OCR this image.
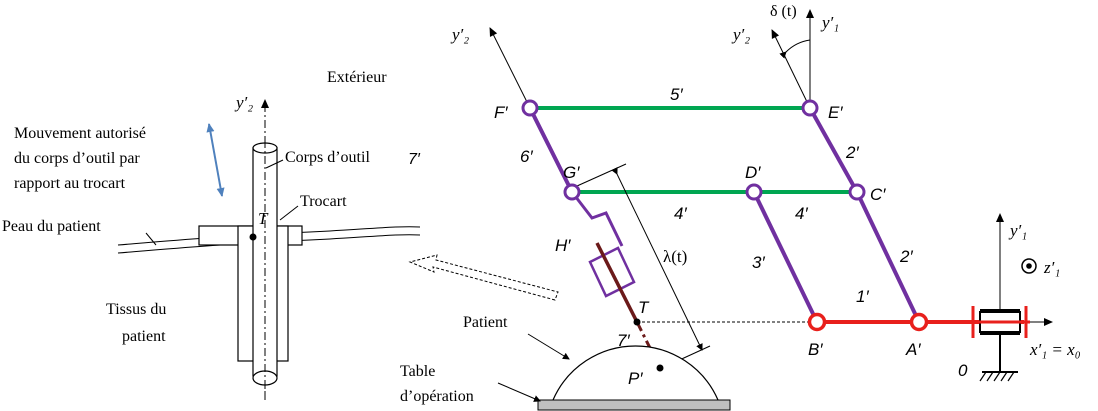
y′₂
Mouvement autorisé
du corps d’outil par
rapport au trocart
T
Corps d’outil 7′
Trocart
Peau du patient
Tissus du
patient
Extérieur
y′₂	y′₂
y′₁
δ (t)
λ(t)
Patient
Table
d’opération
F′	E′
G′	D′
C′
H′
T
P′
B′	A′
5′
6′	2′
4′	4′
3′	2′
1′
7′
y′₁
z′₁
x′₁ = x₀
0
